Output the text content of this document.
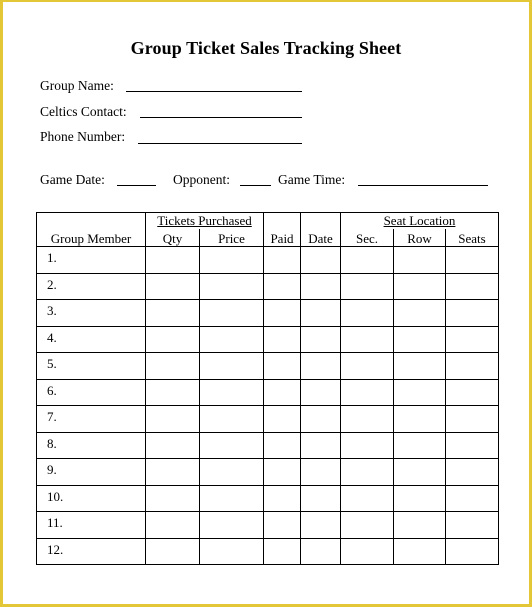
Group Ticket Sales Tracking Sheet
Group Name:
Celtics Contact:
Phone Number:
Game Date:	Opponent:	Game Time:
	Tickets Purchased				Seat Location		
Group Member	Qty	Price	Paid	Date	Sec.	Row	Seats
1.							
2.							
3.							
4.							
5.							
6.							
7.							
8.							
9.							
10.							
11.							
12.							
